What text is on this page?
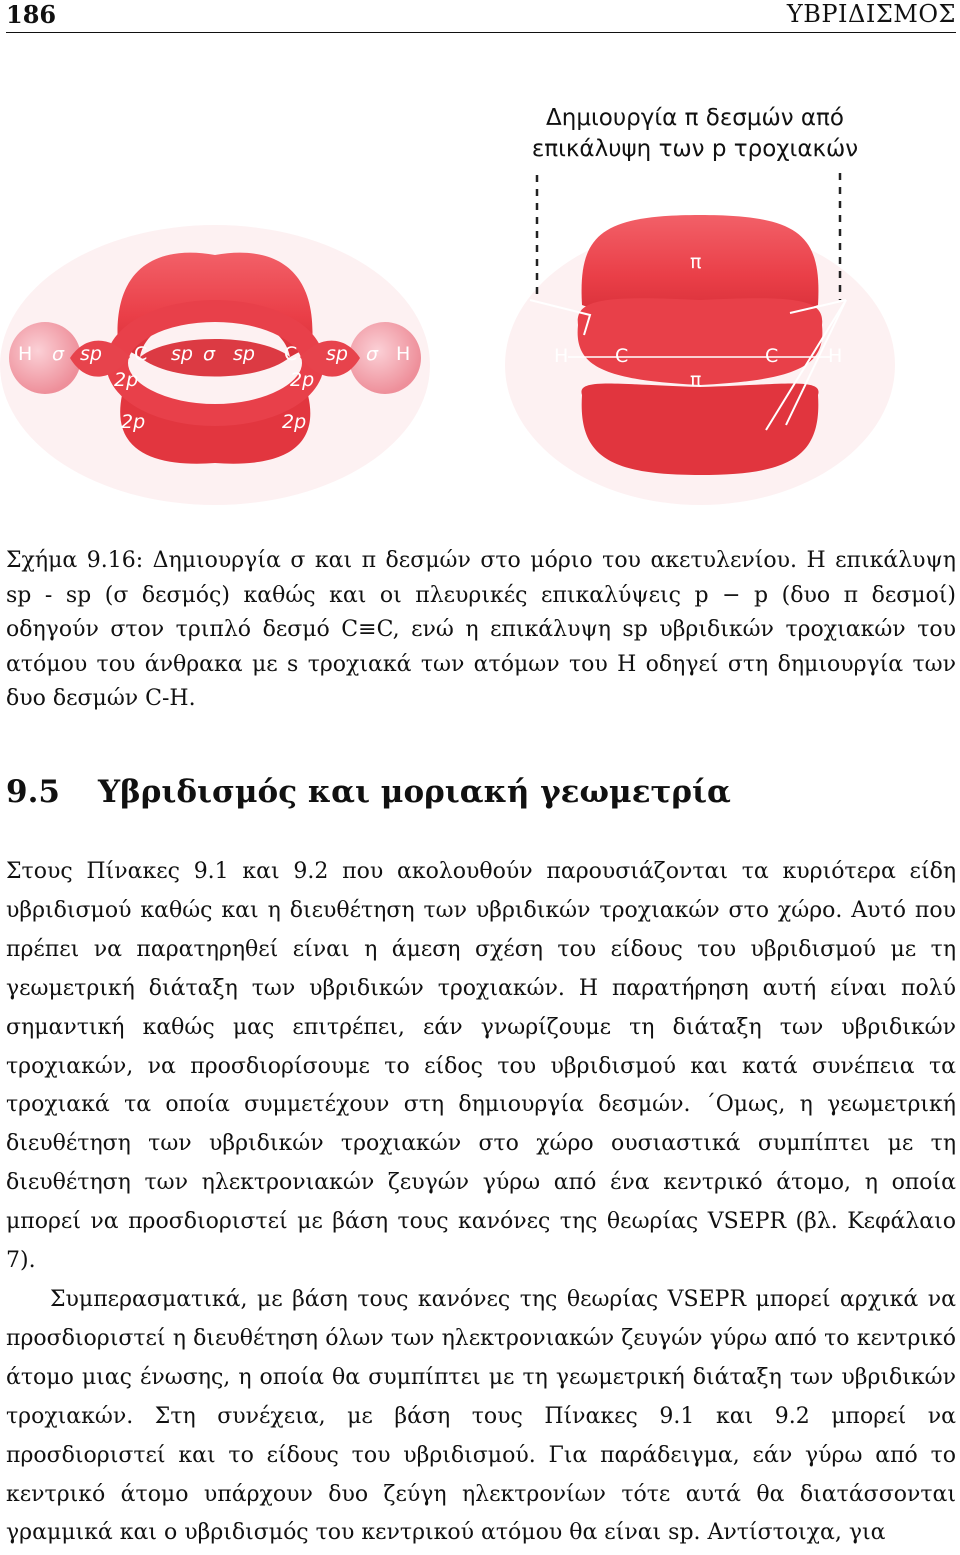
186	ΥΒΡΙΔΙΣΜΟΣ
Δημιουργία π δεσμών από
επικάλυψη των p τροχιακών
H σ sp C sp σ sp C sp σ H
2p	2p
2p	2p
π
H C	C	H
π
Σχήμα 9.16: Δημιουργία σ και π δεσμών στο μόριο του ακετυλενίου. Η επικάλυψη sp - sp (σ δεσμός) καθώς και οι πλευρικές επικαλύψεις p − p (δυο π δεσμοί) οδηγούν στον τριπλό δεσμό C≡C, ενώ η επικάλυψη sp υβριδικών τροχιακών του ατόμου του άνθρακα με s τροχιακά των ατόμων του H οδηγεί στη δημιουργία των δυο δεσμών C-H.
9.5 Υβριδισμός και μοριακή γεωμετρία
Στους Πίνακες 9.1 και 9.2 που ακολουθούν παρουσιάζονται τα κυριότερα είδη υβριδισμού καθώς και η διευθέτηση των υβριδικών τροχιακών στο χώρο. Αυτό που πρέπει να παρατηρηθεί είναι η άμεση σχέση του είδους του υβριδισμού με τη γεωμετρική διάταξη των υβριδικών τροχιακών. Η παρατήρηση αυτή είναι πολύ σημαντική καθώς μας επιτρέπει, εάν γνωρίζουμε τη διάταξη των υβριδικών τροχιακών, να προσδιορίσουμε το είδος του υβριδισμού και κατά συνέπεια τα τροχιακά τα οποία συμμετέχουν στη δημιουργία δεσμών. ΄Ομως, η γεωμετρική διευθέτηση των υβριδικών τροχιακών στο χώρο ουσιαστικά συμπίπτει με τη διευθέτηση των ηλεκτρονιακών ζευγών γύρω από ένα κεντρικό άτομο, η οποία μπορεί να προσδιοριστεί με βάση τους κανόνες της θεωρίας VSEPR (βλ. Κεφάλαιο 7).
Συμπερασματικά, με βάση τους κανόνες της θεωρίας VSEPR μπορεί αρχικά να προσδιοριστεί η διευθέτηση όλων των ηλεκτρονιακών ζευγών γύρω από το κεντρικό άτομο μιας ένωσης, η οποία θα συμπίπτει με τη γεωμετρική διάταξη των υβριδικών τροχιακών. Στη συνέχεια, με βάση τους Πίνακες 9.1 και 9.2 μπορεί να προσδιοριστεί και το είδους του υβριδισμού. Για παράδειγμα, εάν γύρω από το κεντρικό άτομο υπάρχουν δυο ζεύγη ηλεκτρονίων τότε αυτά θα διατάσσονται γραμμικά και ο υβριδισμός του κεντρικού ατόμου θα είναι sp. Αντίστοιχα, για
